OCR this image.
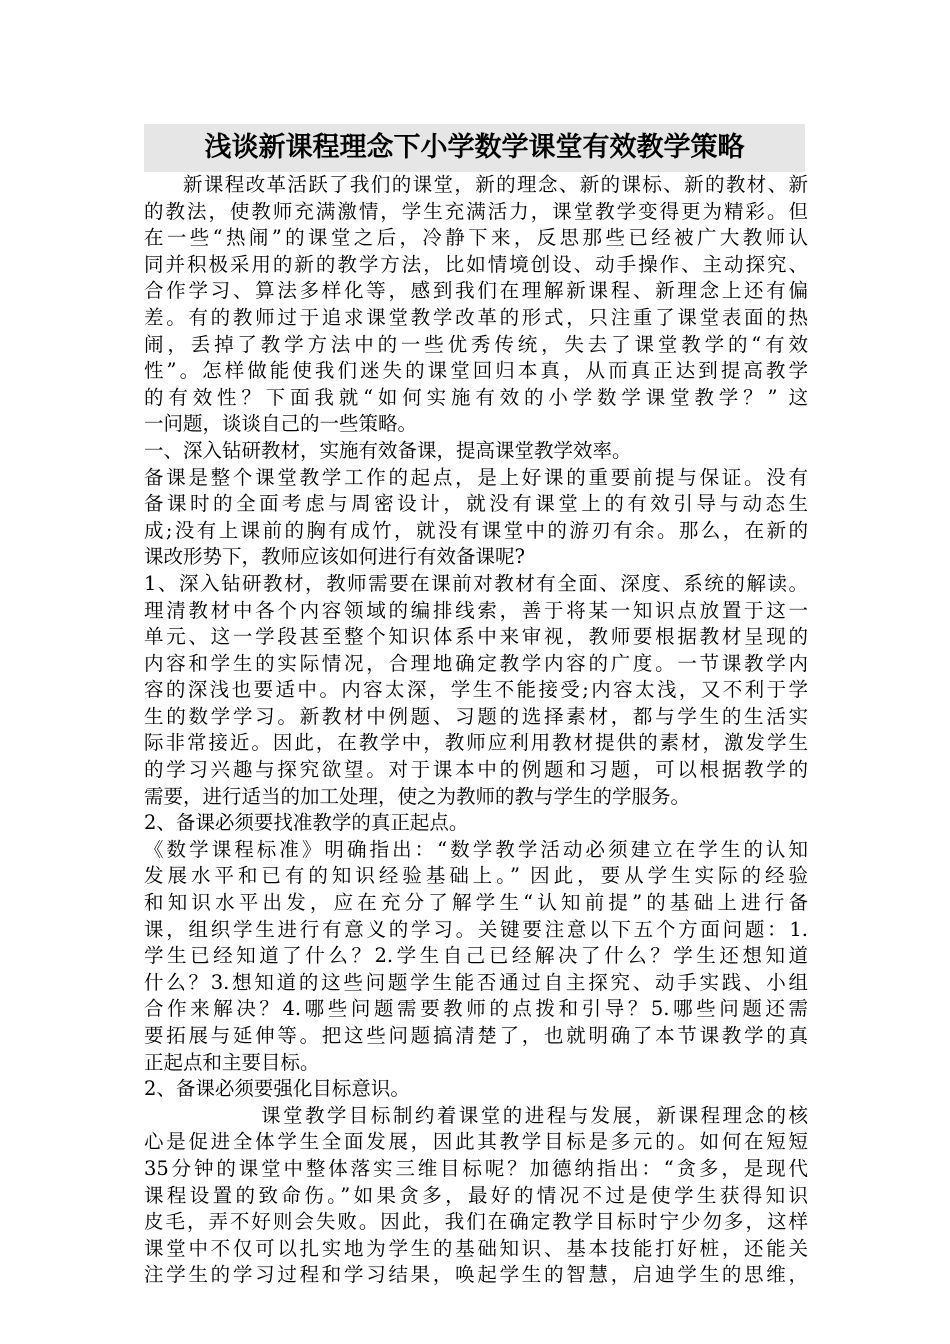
浅谈新课程理念下小学数学课堂有效教学策略
新课程改革活跃了我们的课堂，新的理念、新的课标、新的教材、新
的教法，使教师充满激情，学生充满活力，课堂教学变得更为精彩。但
在一些“热闹”的课堂之后，冷静下来，反思那些已经被广大教师认
同并积极采用的新的教学方法，比如情境创设、动手操作、主动探究、
合作学习、算法多样化等，感到我们在理解新课程、新理念上还有偏
差。有的教师过于追求课堂教学改革的形式，只注重了课堂表面的热
闹，丢掉了教学方法中的一些优秀传统，失去了课堂教学的“有效
性”。怎样做能使我们迷失的课堂回归本真，从而真正达到提高教学
的有效性？下面我就“如何实施有效的小学数学课堂教学？” 这
一问题，谈谈自己的一些策略。
一、深入钻研教材，实施有效备课，提高课堂教学效率。
备课是整个课堂教学工作的起点，是上好课的重要前提与保证。没有
备课时的全面考虑与周密设计，就没有课堂上的有效引导与动态生
成;没有上课前的胸有成竹，就没有课堂中的游刃有余。那么，在新的
课改形势下，教师应该如何进行有效备课呢?
1、深入钻研教材，教师需要在课前对教材有全面、深度、系统的解读。
理清教材中各个内容领域的编排线索，善于将某一知识点放置于这一
单元、这一学段甚至整个知识体系中来审视，教师要根据教材呈现的
内容和学生的实际情况，合理地确定教学内容的广度。一节课教学内
容的深浅也要适中。内容太深，学生不能接受;内容太浅，又不利于学
生的数学学习。新教材中例题、习题的选择素材，都与学生的生活实
际非常接近。因此，在教学中，教师应利用教材提供的素材，激发学生
的学习兴趣与探究欲望。对于课本中的例题和习题，可以根据教学的
需要，进行适当的加工处理，使之为教师的教与学生的学服务。
2、备课必须要找准教学的真正起点。
《数学课程标准》明确指出：“数学教学活动必须建立在学生的认知
发展水平和已有的知识经验基础上。” 因此，要从学生实际的经验
和知识水平出发，应在充分了解学生“认知前提”的基础上进行备
课，组织学生进行有意义的学习。关键要注意以下五个方面问题：1.
学生已经知道了什么？2.学生自己已经解决了什么？学生还想知道
什么？3.想知道的这些问题学生能否通过自主探究、动手实践、小组
合作来解决？4.哪些问题需要教师的点拨和引导？5.哪些问题还需
要拓展与延伸等。把这些问题搞清楚了，也就明确了本节课教学的真
正起点和主要目标。
2、备课必须要强化目标意识。
课堂教学目标制约着课堂的进程与发展，新课程理念的核
心是促进全体学生全面发展，因此其教学目标是多元的。如何在短短
35分钟的课堂中整体落实三维目标呢？加德纳指出：“贪多，是现代
课程设置的致命伤。”如果贪多，最好的情况不过是使学生获得知识
皮毛，弄不好则会失败。因此，我们在确定教学目标时宁少勿多，这样
课堂中不仅可以扎实地为学生的基础知识、基本技能打好桩，还能关
注学生的学习过程和学习结果，唤起学生的智慧，启迪学生的思维，
